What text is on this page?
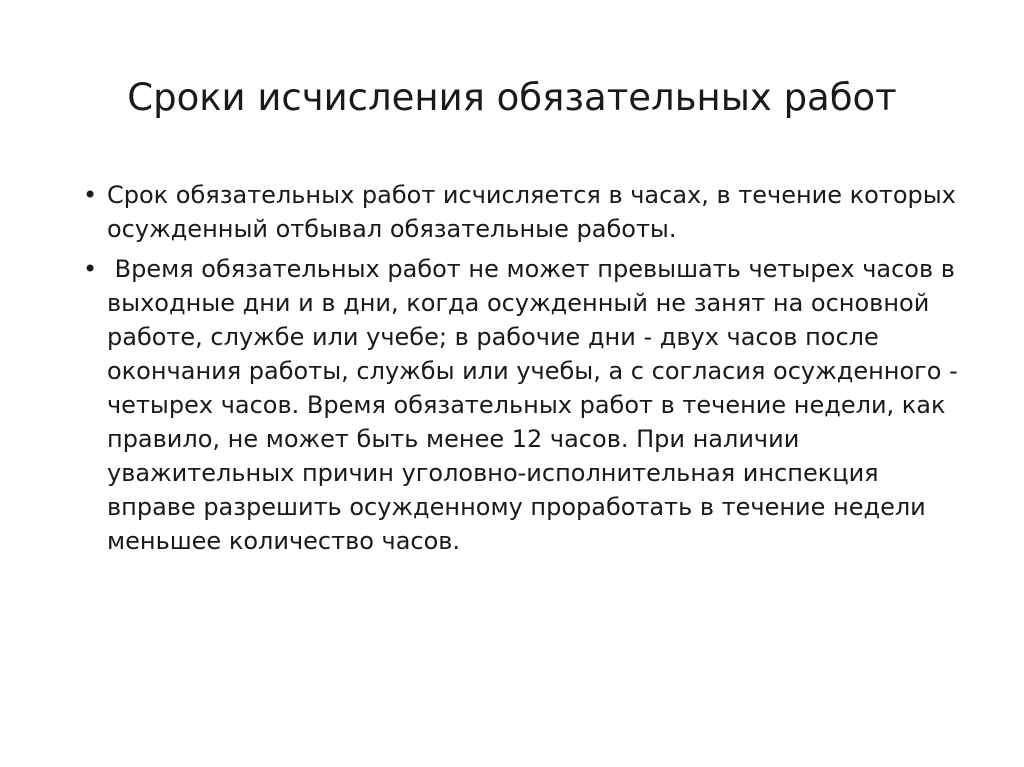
Сроки исчисления обязательных работ
• Срок обязательных работ исчисляется в часах, в течение которых осужденный отбывал обязательные работы.
• Время обязательных работ не может превышать четырех часов в выходные дни и в дни, когда осужденный не занят на основной работе, службе или учебе; в рабочие дни - двух часов после окончания работы, службы или учебы, а с согласия осужденного - четырех часов. Время обязательных работ в течение недели, как правило, не может быть менее 12 часов. При наличии уважительных причин уголовно-исполнительная инспекция вправе разрешить осужденному проработать в течение недели меньшее количество часов.
